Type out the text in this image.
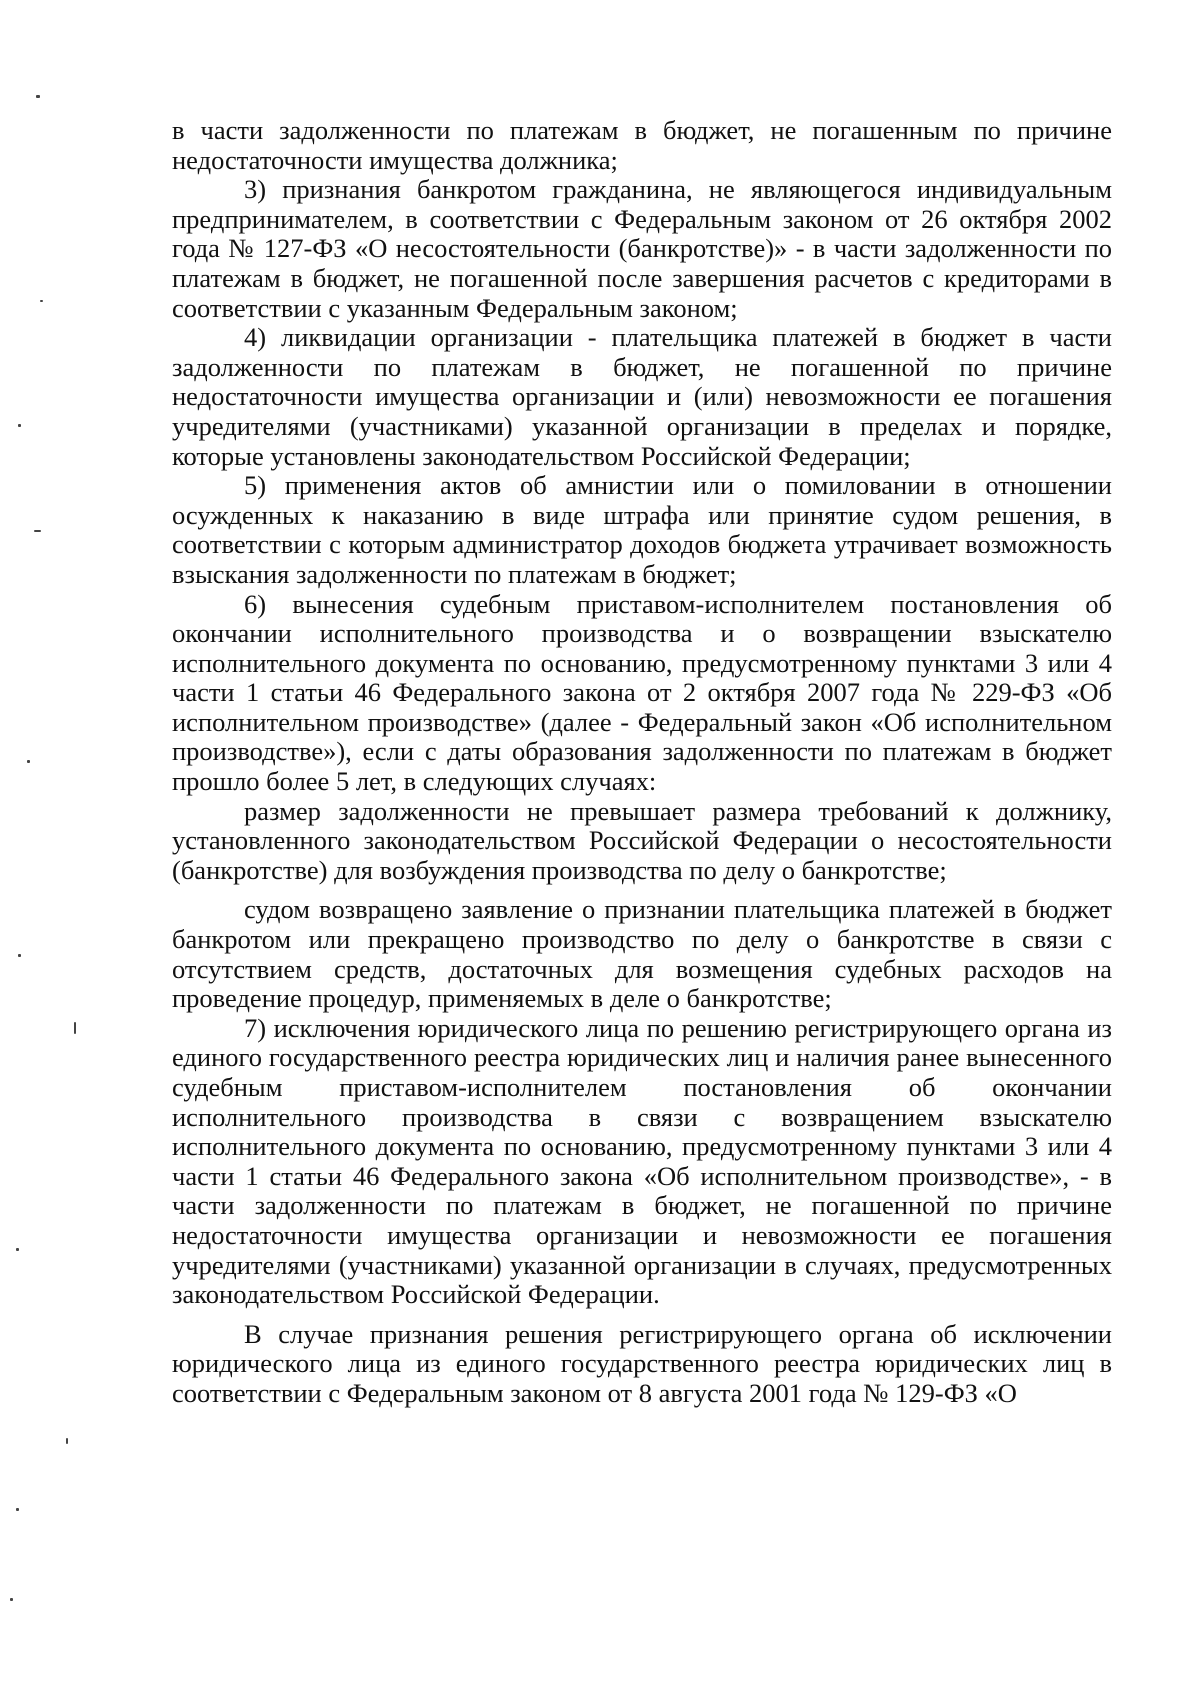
в части задолженности по платежам в бюджет, не погашенным по причине недостаточности имущества должника;

3) признания банкротом гражданина, не являющегося индивидуальным предпринимателем, в соответствии с Федеральным законом от 26 октября 2002 года № 127-ФЗ «О несостоятельности (банкротстве)» - в части задолженности по платежам в бюджет, не погашенной после завершения расчетов с кредиторами в соответствии с указанным Федеральным законом;

4) ликвидации организации - плательщика платежей в бюджет в части задолженности по платежам в бюджет, не погашенной по причине недостаточности имущества организации и (или) невозможности ее погашения учредителями (участниками) указанной организации в пределах и порядке, которые установлены законодательством Российской Федерации;

5) применения актов об амнистии или о помиловании в отношении осужденных к наказанию в виде штрафа или принятие судом решения, в соответствии с которым администратор доходов бюджета утрачивает возможность взыскания задолженности по платежам в бюджет;

6) вынесения судебным приставом-исполнителем постановления об окончании исполнительного производства и о возвращении взыскателю исполнительного документа по основанию, предусмотренному пунктами 3 или 4 части 1 статьи 46 Федерального закона от 2 октября 2007 года № 229-ФЗ «Об исполнительном производстве» (далее - Федеральный закон «Об исполнительном производстве»), если с даты образования задолженности по платежам в бюджет прошло более 5 лет, в следующих случаях:

размер задолженности не превышает размера требований к должнику, установленного законодательством Российской Федерации о несостоятельности (банкротстве) для возбуждения производства по делу о банкротстве;

судом возвращено заявление о признании плательщика платежей в бюджет банкротом или прекращено производство по делу о банкротстве в связи с отсутствием средств, достаточных для возмещения судебных расходов на проведение процедур, применяемых в деле о банкротстве;

7) исключения юридического лица по решению регистрирующего органа из единого государственного реестра юридических лиц и наличия ранее вынесенного судебным приставом-исполнителем постановления об окончании исполнительного производства в связи с возвращением взыскателю исполнительного документа по основанию, предусмотренному пунктами 3 или 4 части 1 статьи 46 Федерального закона «Об исполнительном производстве», - в части задолженности по платежам в бюджет, не погашенной по причине недостаточности имущества организации и невозможности ее погашения учредителями (участниками) указанной организации в случаях, предусмотренных законодательством Российской Федерации.

В случае признания решения регистрирующего органа об исключении юридического лица из единого государственного реестра юридических лиц в соответствии с Федеральным законом от 8 августа 2001 года № 129-ФЗ «О
